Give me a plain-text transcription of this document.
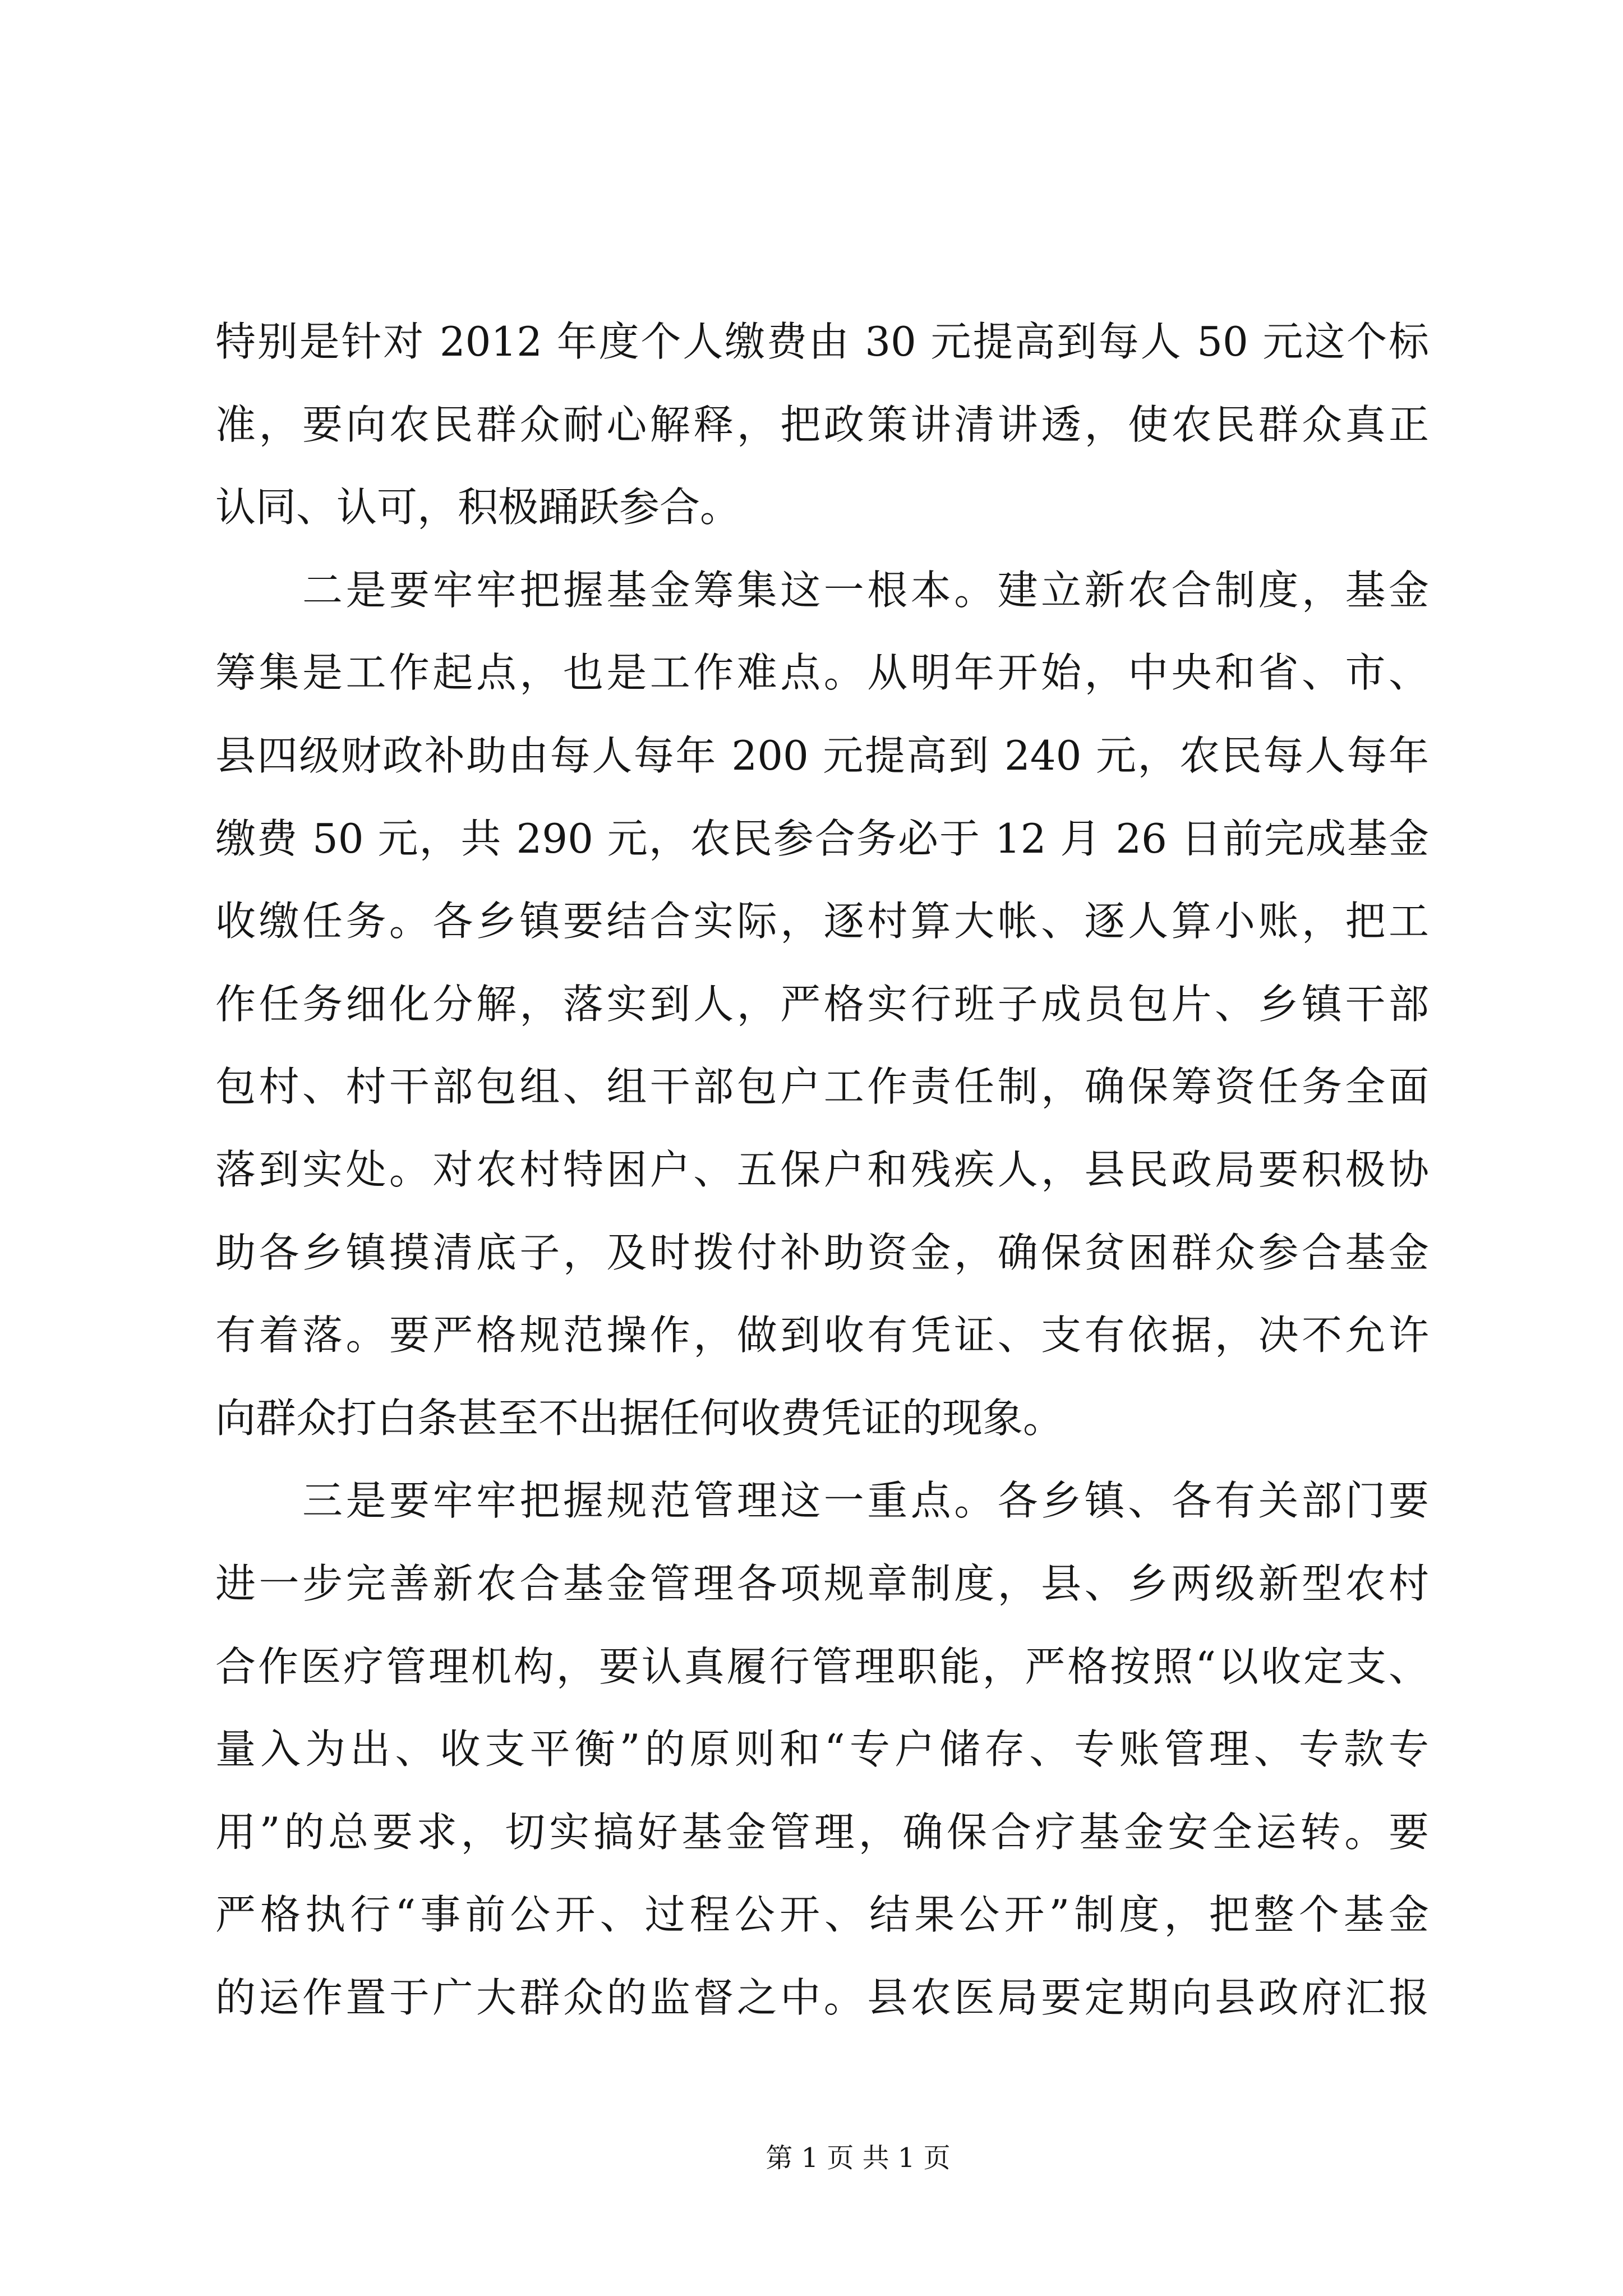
特别是针对 2012 年度个人缴费由 30 元提高到每人 50 元这个标
准，要向农民群众耐心解释，把政策讲清讲透，使农民群众真正
认同、认可，积极踊跃参合。
二是要牢牢把握基金筹集这一根本。建立新农合制度，基金
筹集是工作起点，也是工作难点。从明年开始，中央和省、市、
县四级财政补助由每人每年 200 元提高到 240 元，农民每人每年
缴费 50 元，共 290 元，农民参合务必于 12 月 26 日前完成基金
收缴任务。各乡镇要结合实际，逐村算大帐、逐人算小账，把工
作任务细化分解，落实到人，严格实行班子成员包片、乡镇干部
包村、村干部包组、组干部包户工作责任制，确保筹资任务全面
落到实处。对农村特困户、五保户和残疾人，县民政局要积极协
助各乡镇摸清底子，及时拨付补助资金，确保贫困群众参合基金
有着落。要严格规范操作，做到收有凭证、支有依据，决不允许
向群众打白条甚至不出据任何收费凭证的现象。
三是要牢牢把握规范管理这一重点。各乡镇、各有关部门要
进一步完善新农合基金管理各项规章制度，县、乡两级新型农村
合作医疗管理机构，要认真履行管理职能，严格按照“以收定支、
量入为出、收支平衡”的原则和“专户储存、专账管理、专款专
用”的总要求，切实搞好基金管理，确保合疗基金安全运转。要
严格执行“事前公开、过程公开、结果公开”制度，把整个基金
的运作置于广大群众的监督之中。县农医局要定期向县政府汇报
第 1 页 共 1 页
